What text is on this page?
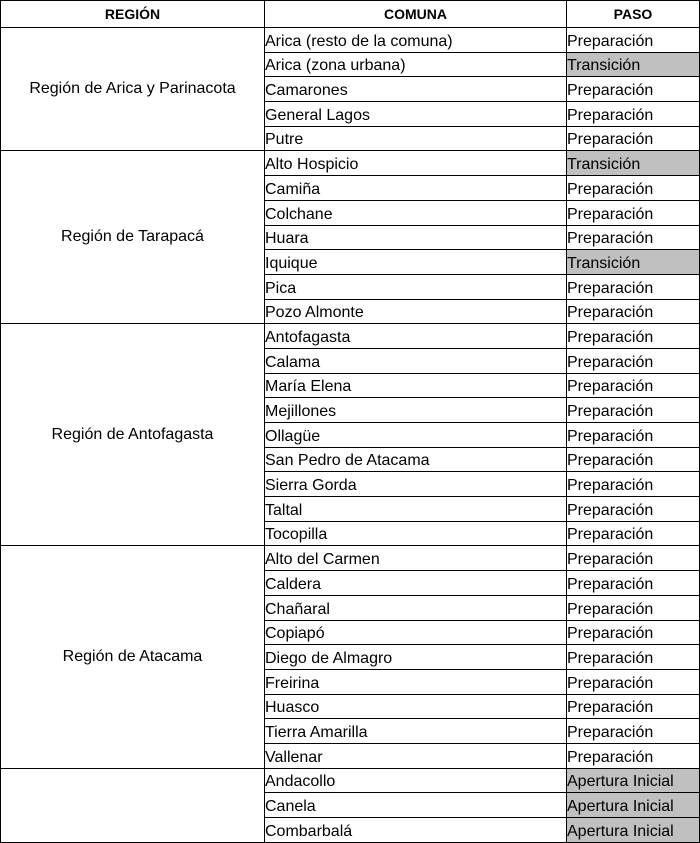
REGIÓN	COMUNA	PASO
Región de Arica y Parinacota	Arica (resto de la comuna)	Preparación
	Arica (zona urbana)	Transición
	Camarones	Preparación
	General Lagos	Preparación
	Putre	Preparación
Región de Tarapacá	Alto Hospicio	Transición
	Camiña	Preparación
	Colchane	Preparación
	Huara	Preparación
	Iquique	Transición
	Pica	Preparación
	Pozo Almonte	Preparación
Región de Antofagasta	Antofagasta	Preparación
	Calama	Preparación
	María Elena	Preparación
	Mejillones	Preparación
	Ollagüe	Preparación
	San Pedro de Atacama	Preparación
	Sierra Gorda	Preparación
	Taltal	Preparación
	Tocopilla	Preparación
Región de Atacama	Alto del Carmen	Preparación
	Caldera	Preparación
	Chañaral	Preparación
	Copiapó	Preparación
	Diego de Almagro	Preparación
	Freirina	Preparación
	Huasco	Preparación
	Tierra Amarilla	Preparación
	Vallenar	Preparación
	Andacollo	Apertura Inicial
	Canela	Apertura Inicial
	Combarbalá	Apertura Inicial
